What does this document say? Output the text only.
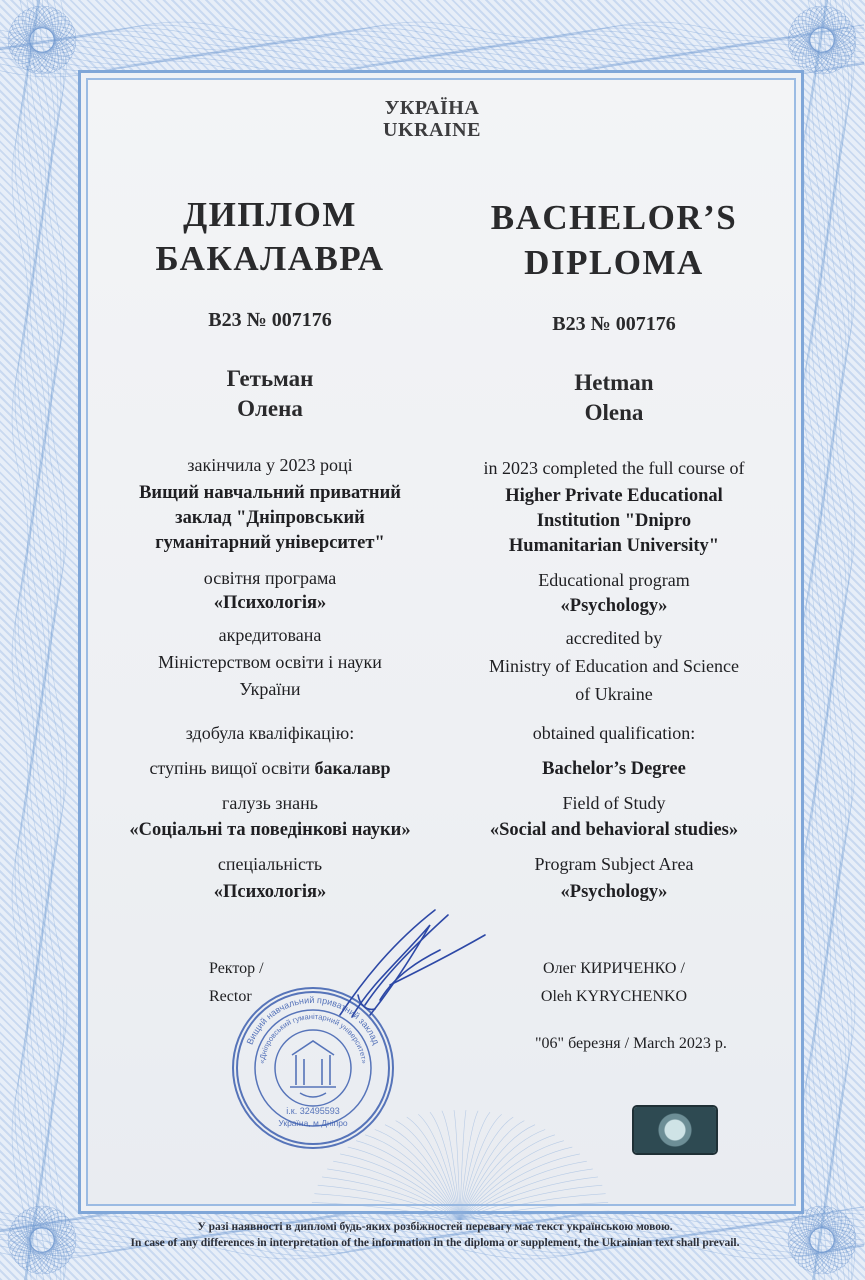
УКРАЇНА
UKRAINE
ДИПЛОМ
БАКАЛАВРА
BACHELOR’S
DIPLOMA
B23 № 007176	B23 № 007176
Гетьман
Олена
Hetman
Olena
закінчила у 2023 році	in 2023 completed the full course of
Вищий навчальний приватний
заклад "Дніпровський
гуманітарний університет"
Higher Private Educational
Institution "Dnipro
Humanitarian University"
освітня програма
«Психологія»
Educational program
«Psychology»
акредитована
Міністерством освіти і науки
України
accredited by
Ministry of Education and Science
of Ukraine
здобула кваліфікацію:	obtained qualification:
ступінь вищої освіти бакалавр	Bachelor’s Degree
галузь знань
«Соціальні та поведінкові науки»
Field of Study
«Social and behavioral studies»
спеціальність
«Психологія»
Program Subject Area
«Psychology»
Ректор /
Rector
Олег КИРИЧЕНКО /
Oleh KYRYCHENKO
"06" березня / March 2023 р.
Вищий навчальний приватний заклад
«Дніпровський гуманітарний університет»
і.к. 32495593
Україна, м.Дніпро
У разі наявності в дипломі будь-яких розбіжностей перевагу має текст українською мовою.
In case of any differences in interpretation of the information in the diploma or supplement, the Ukrainian text shall prevail.
